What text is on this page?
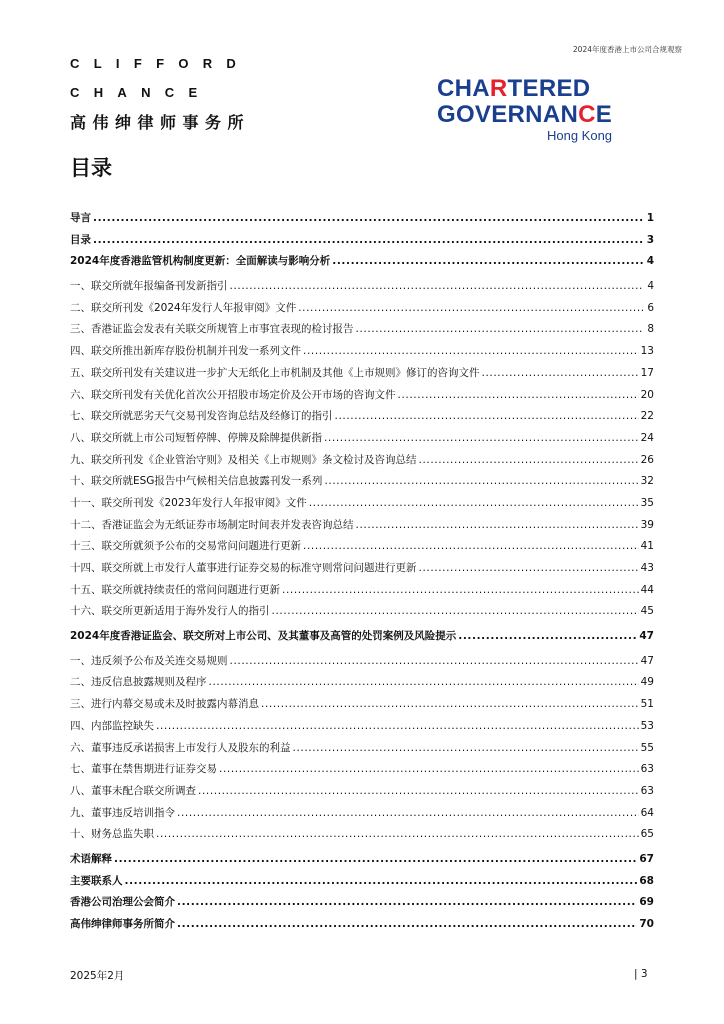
2024年度香港上市公司合规观察
CLIFFORD
CHANCE
高伟绅律师事务所
CHARTERED
GOVERNANCE
Hong Kong
目录
导言 .....	1
目录 .....	3
2024年度香港监管机构制度更新：全面解读与影响分析 .....	4
一、联交所就年报编备刊发新指引 .....	4
二、联交所刊发《2024年发行人年报审阅》文件 .....	6
三、香港证监会发表有关联交所规管上市事宜表现的检讨报告 .....	8
四、联交所推出新库存股份机制并刊发一系列文件 .....	13
五、联交所刊发有关建议进一步扩大无纸化上市机制及其他《上市规则》修订的咨询文件 .....	17
六、联交所刊发有关优化首次公开招股市场定价及公开市场的咨询文件 .....	20
七、联交所就恶劣天气交易刊发咨询总结及经修订的指引 .....	22
八、联交所就上市公司短暂停牌、停牌及除牌提供新指 .....	24
九、联交所刊发《企业管治守则》及相关《上市规则》条文检讨及咨询总结 .....	26
十、联交所就ESG报告中气候相关信息披露刊发一系列 .....	32
十一、联交所刊发《2023年发行人年报审阅》文件 .....	35
十二、香港证监会为无纸证券市场制定时间表并发表咨询总结 .....	39
十三、联交所就须予公布的交易常问问题进行更新 .....	41
十四、联交所就上市发行人董事进行证券交易的标准守则常问问题进行更新 .....	43
十五、联交所就持续责任的常问问题进行更新 .....	44
十六、联交所更新适用于海外发行人的指引 .....	45
2024年度香港证监会、联交所对上市公司、及其董事及高管的处罚案例及风险提示 .....	47
一、违反须予公布及关连交易规则 .....	47
二、违反信息披露规则及程序 .....	49
三、进行内幕交易或未及时披露内幕消息 .....	51
四、内部监控缺失 .....	53
六、董事违反承诺损害上市发行人及股东的利益 .....	55
七、董事在禁售期进行证券交易 .....	63
八、董事未配合联交所调查 .....	63
九、董事违反培训指令 .....	64
十、财务总监失职 .....	65
术语解释 .....	67
主要联系人 .....	68
香港公司治理公会简介 .....	69
高伟绅律师事务所简介 .....	70
2025年2月	| 3
